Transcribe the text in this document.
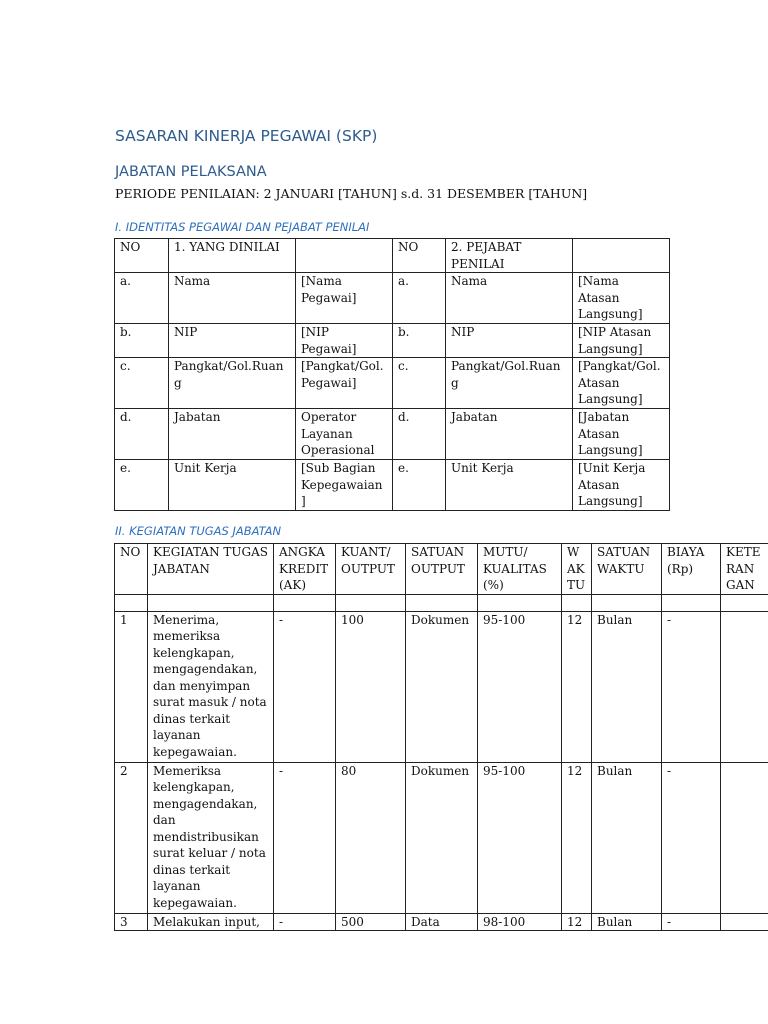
SASARAN KINERJA PEGAWAI (SKP)
JABATAN PELAKSANA
PERIODE PENILAIAN: 2 JANUARI [TAHUN] s.d. 31 DESEMBER [TAHUN]
I. IDENTITAS PEGAWAI DAN PEJABAT PENILAI
NO	1. YANG DINILAI		NO	2. PEJABAT PENILAI	
a.	Nama	[Nama Pegawai]	a.	Nama	[Nama Atasan Langsung]
b.	NIP	[NIP Pegawai]	b.	NIP	[NIP Atasan Langsung]
c.	Pangkat/Gol.Ruang	[Pangkat/Gol. Pegawai]	c.	Pangkat/Gol.Ruang	[Pangkat/Gol. Atasan Langsung]
d.	Jabatan	Operator Layanan Operasional	d.	Jabatan	[Jabatan Atasan Langsung]
e.	Unit Kerja	[Sub Bagian Kepegawaian ]	e.	Unit Kerja	[Unit Kerja Atasan Langsung]
II. KEGIATAN TUGAS JABATAN
NO	KEGIATAN TUGAS JABATAN	ANGKA KREDIT (AK)	KUANT/ OUTPUT	SATUAN OUTPUT	MUTU/ KUALITAS (%)	W AK TU	SATUAN WAKTU	BIAYA (Rp)	KETE RAN GAN

1	Menerima, memeriksa kelengkapan, mengagendakan, dan menyimpan surat masuk / nota dinas terkait layanan kepegawaian.	-	100	Dokumen	95-100	12	Bulan	-	
2	Memeriksa kelengkapan, mengagendakan, dan mendistribusikan surat keluar / nota dinas terkait layanan kepegawaian.	-	80	Dokumen	95-100	12	Bulan	-	
3	Melakukan input,	-	500	Data	98-100	12	Bulan	-	
